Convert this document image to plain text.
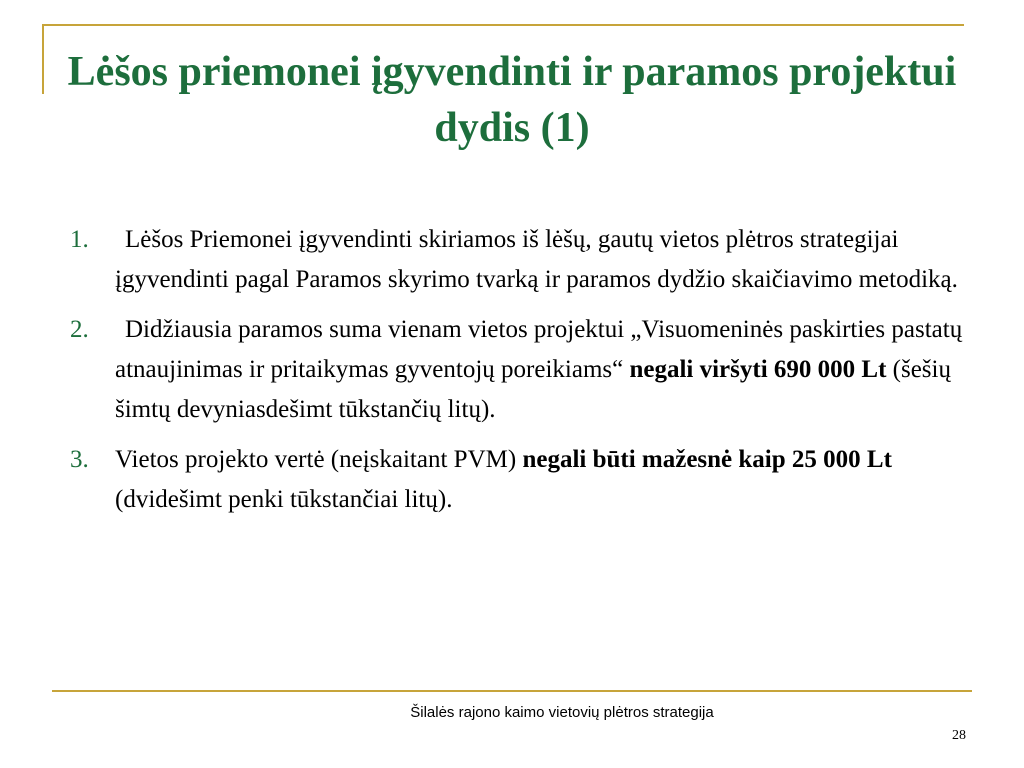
Lėšos priemonei įgyvendinti ir paramos projektui dydis (1)
1. Lėšos Priemonei įgyvendinti skiriamos iš lėšų, gautų vietos plėtros strategijai įgyvendinti pagal Paramos skyrimo tvarką ir paramos dydžio skaičiavimo metodiką.
2. Didžiausia paramos suma vienam vietos projektui „Visuomeninės paskirties pastatų atnaujinimas ir pritaikymas gyventojų poreikiams“ negali viršyti 690 000 Lt (šešių šimtų devyniasdešimt tūkstančių litų).
3. Vietos projekto vertė (neįskaitant PVM) negali būti mažesnė kaip 25 000 Lt (dvidešimt penki tūkstančiai litų).
Šilalės rajono kaimo vietovių plėtros strategija
28
